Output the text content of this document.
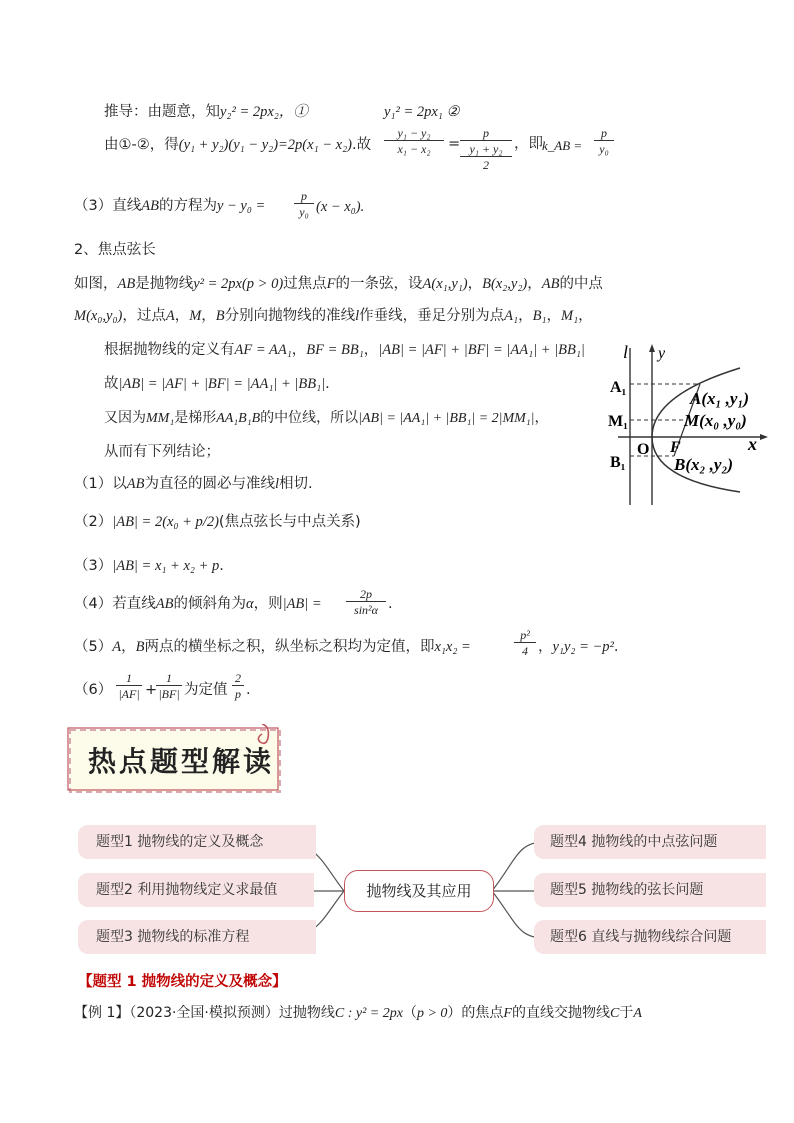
推导：由题意，知y₂² = 2px₂，①	y₁² = 2px₁ ②
由①-②，得(y₁ + y₂)(y₁ − y₂)=2p(x₁ − x₂).故
y₁ − y₂
x₁ − x₂	=
p
y₁ + y₂
2
，即 k_AB =
p
y₀
（3）直线AB的方程为y − y₀ =
p
y₀ (x − x₀).
2、焦点弦长
如图，AB是抛物线y² = 2px(p > 0)过焦点F的一条弦，设A(x₁,y₁)，B(x₂,y₂)，AB的中点
M(x₀,y₀)，过点A，M，B分别向抛物线的准线l作垂线，垂足分别为点A₁，B₁，M₁，
根据抛物线的定义有AF = AA₁，BF = BB₁，|AB| = |AF| + |BF| = |AA₁| + |BB₁|
故|AB| = |AF| + |BF| = |AA₁| + |BB₁|.
又因为MM₁是梯形AA₁B₁B的中位线，所以|AB| = |AA₁| + |BB₁| = 2|MM₁|，
从而有下列结论；
（1）以AB为直径的圆必与准线l相切.
（2）|AB| = 2(x₀ + p/2)(焦点弦长与中点关系)
（3）|AB| = x₁ + x₂ + p.
（4）若直线AB的倾斜角为α，则|AB| =
2p
sin²α .
（5）A，B两点的横坐标之积，纵坐标之积均为定值，即x₁x₂ =
p²
4 ，y₁y₂ = −p².
（6）
1
|AF| +
1
|BF| 为定值
2
p .
l y
x
O F
A₁
M₁
B₁
A(x₁ ,y₁)
M(x₀ ,y₀)
B(x₂ ,y₂)
热点题型解读
题型1 抛物线的定义及概念
题型2 利用抛物线定义求最值
题型3 抛物线的标准方程
抛物线及其应用
题型4 抛物线的中点弦问题
题型5 抛物线的弦长问题
题型6 直线与抛物线综合问题
【题型 1 抛物线的定义及概念】
【例 1】（2023·全国·模拟预测）过抛物线C : y² = 2px（p > 0）的焦点F的直线交抛物线C于A
